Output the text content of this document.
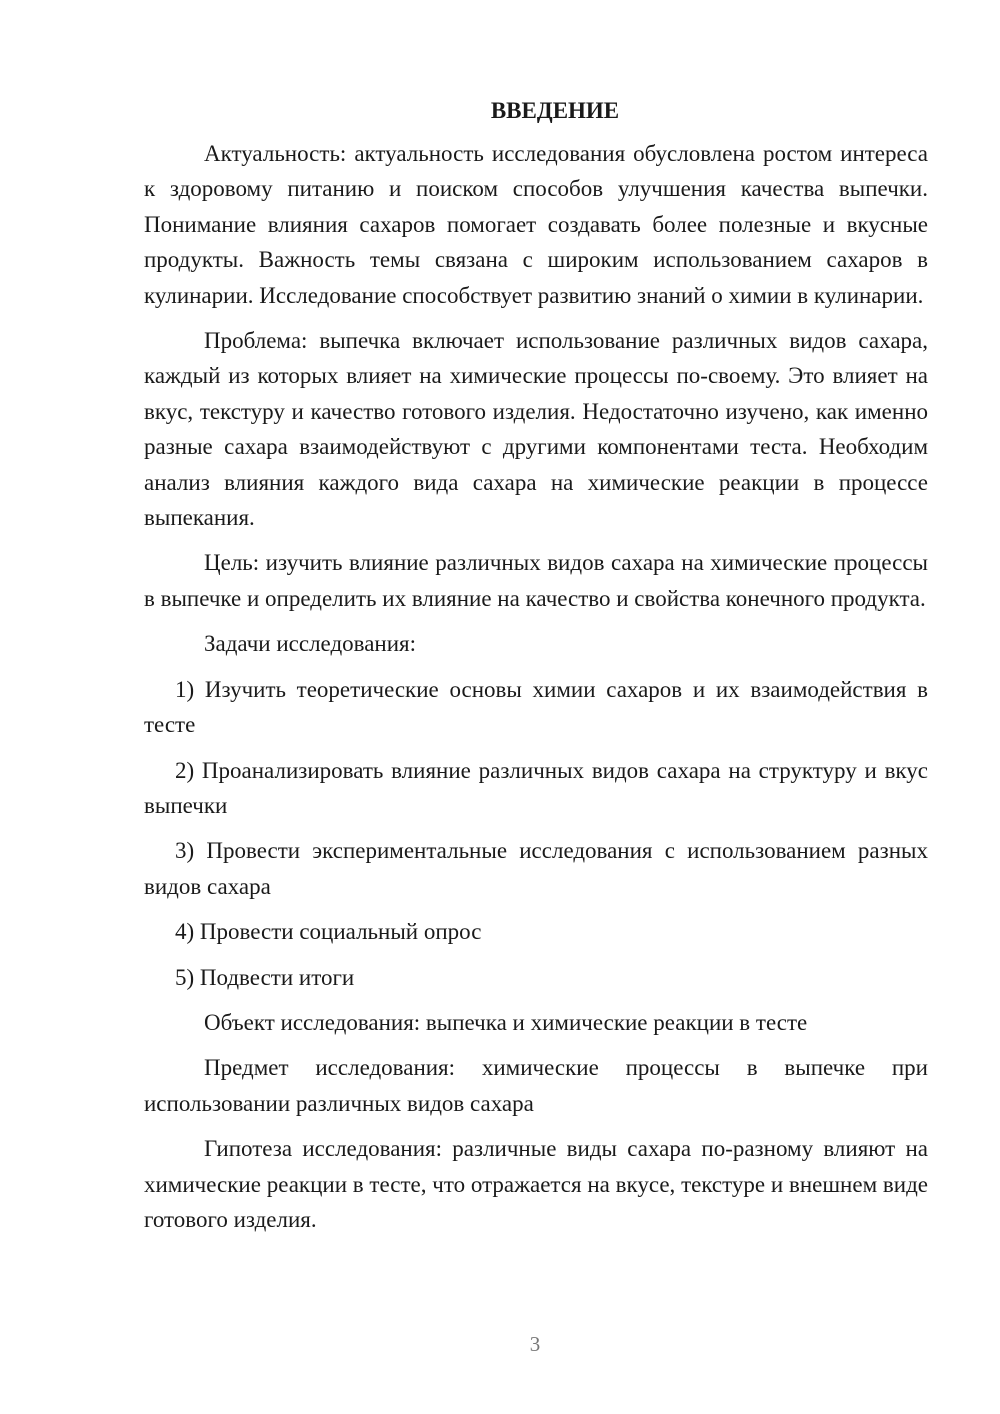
ВВЕДЕНИЕ

Актуальность: актуальность исследования обусловлена ростом интереса к здоровому питанию и поиском способов улучшения качества выпечки. Понимание влияния сахаров помогает создавать более полезные и вкусные продукты. Важность темы связана с широким использованием сахаров в кулинарии. Исследование способствует развитию знаний о химии в кулинарии.

Проблема: выпечка включает использование различных видов сахара, каждый из которых влияет на химические процессы по-своему. Это влияет на вкус, текстуру и качество готового изделия. Недостаточно изучено, как именно разные сахара взаимодействуют с другими компонентами теста. Необходим анализ влияния каждого вида сахара на химические реакции в процессе выпекания.

Цель: изучить влияние различных видов сахара на химические процессы в выпечке и определить их влияние на качество и свойства конечного продукта.

Задачи исследования:

1) Изучить теоретические основы химии сахаров и их взаимодействия в тесте

2) Проанализировать влияние различных видов сахара на структуру и вкус выпечки

3) Провести экспериментальные исследования с использованием разных видов сахара

4) Провести социальный опрос

5) Подвести итоги

Объект исследования: выпечка и химические реакции в тесте

Предмет исследования: химические процессы в выпечке при использовании различных видов сахара

Гипотеза исследования: различные виды сахара по-разному влияют на химические реакции в тесте, что отражается на вкусе, текстуре и внешнем виде готового изделия.

3
